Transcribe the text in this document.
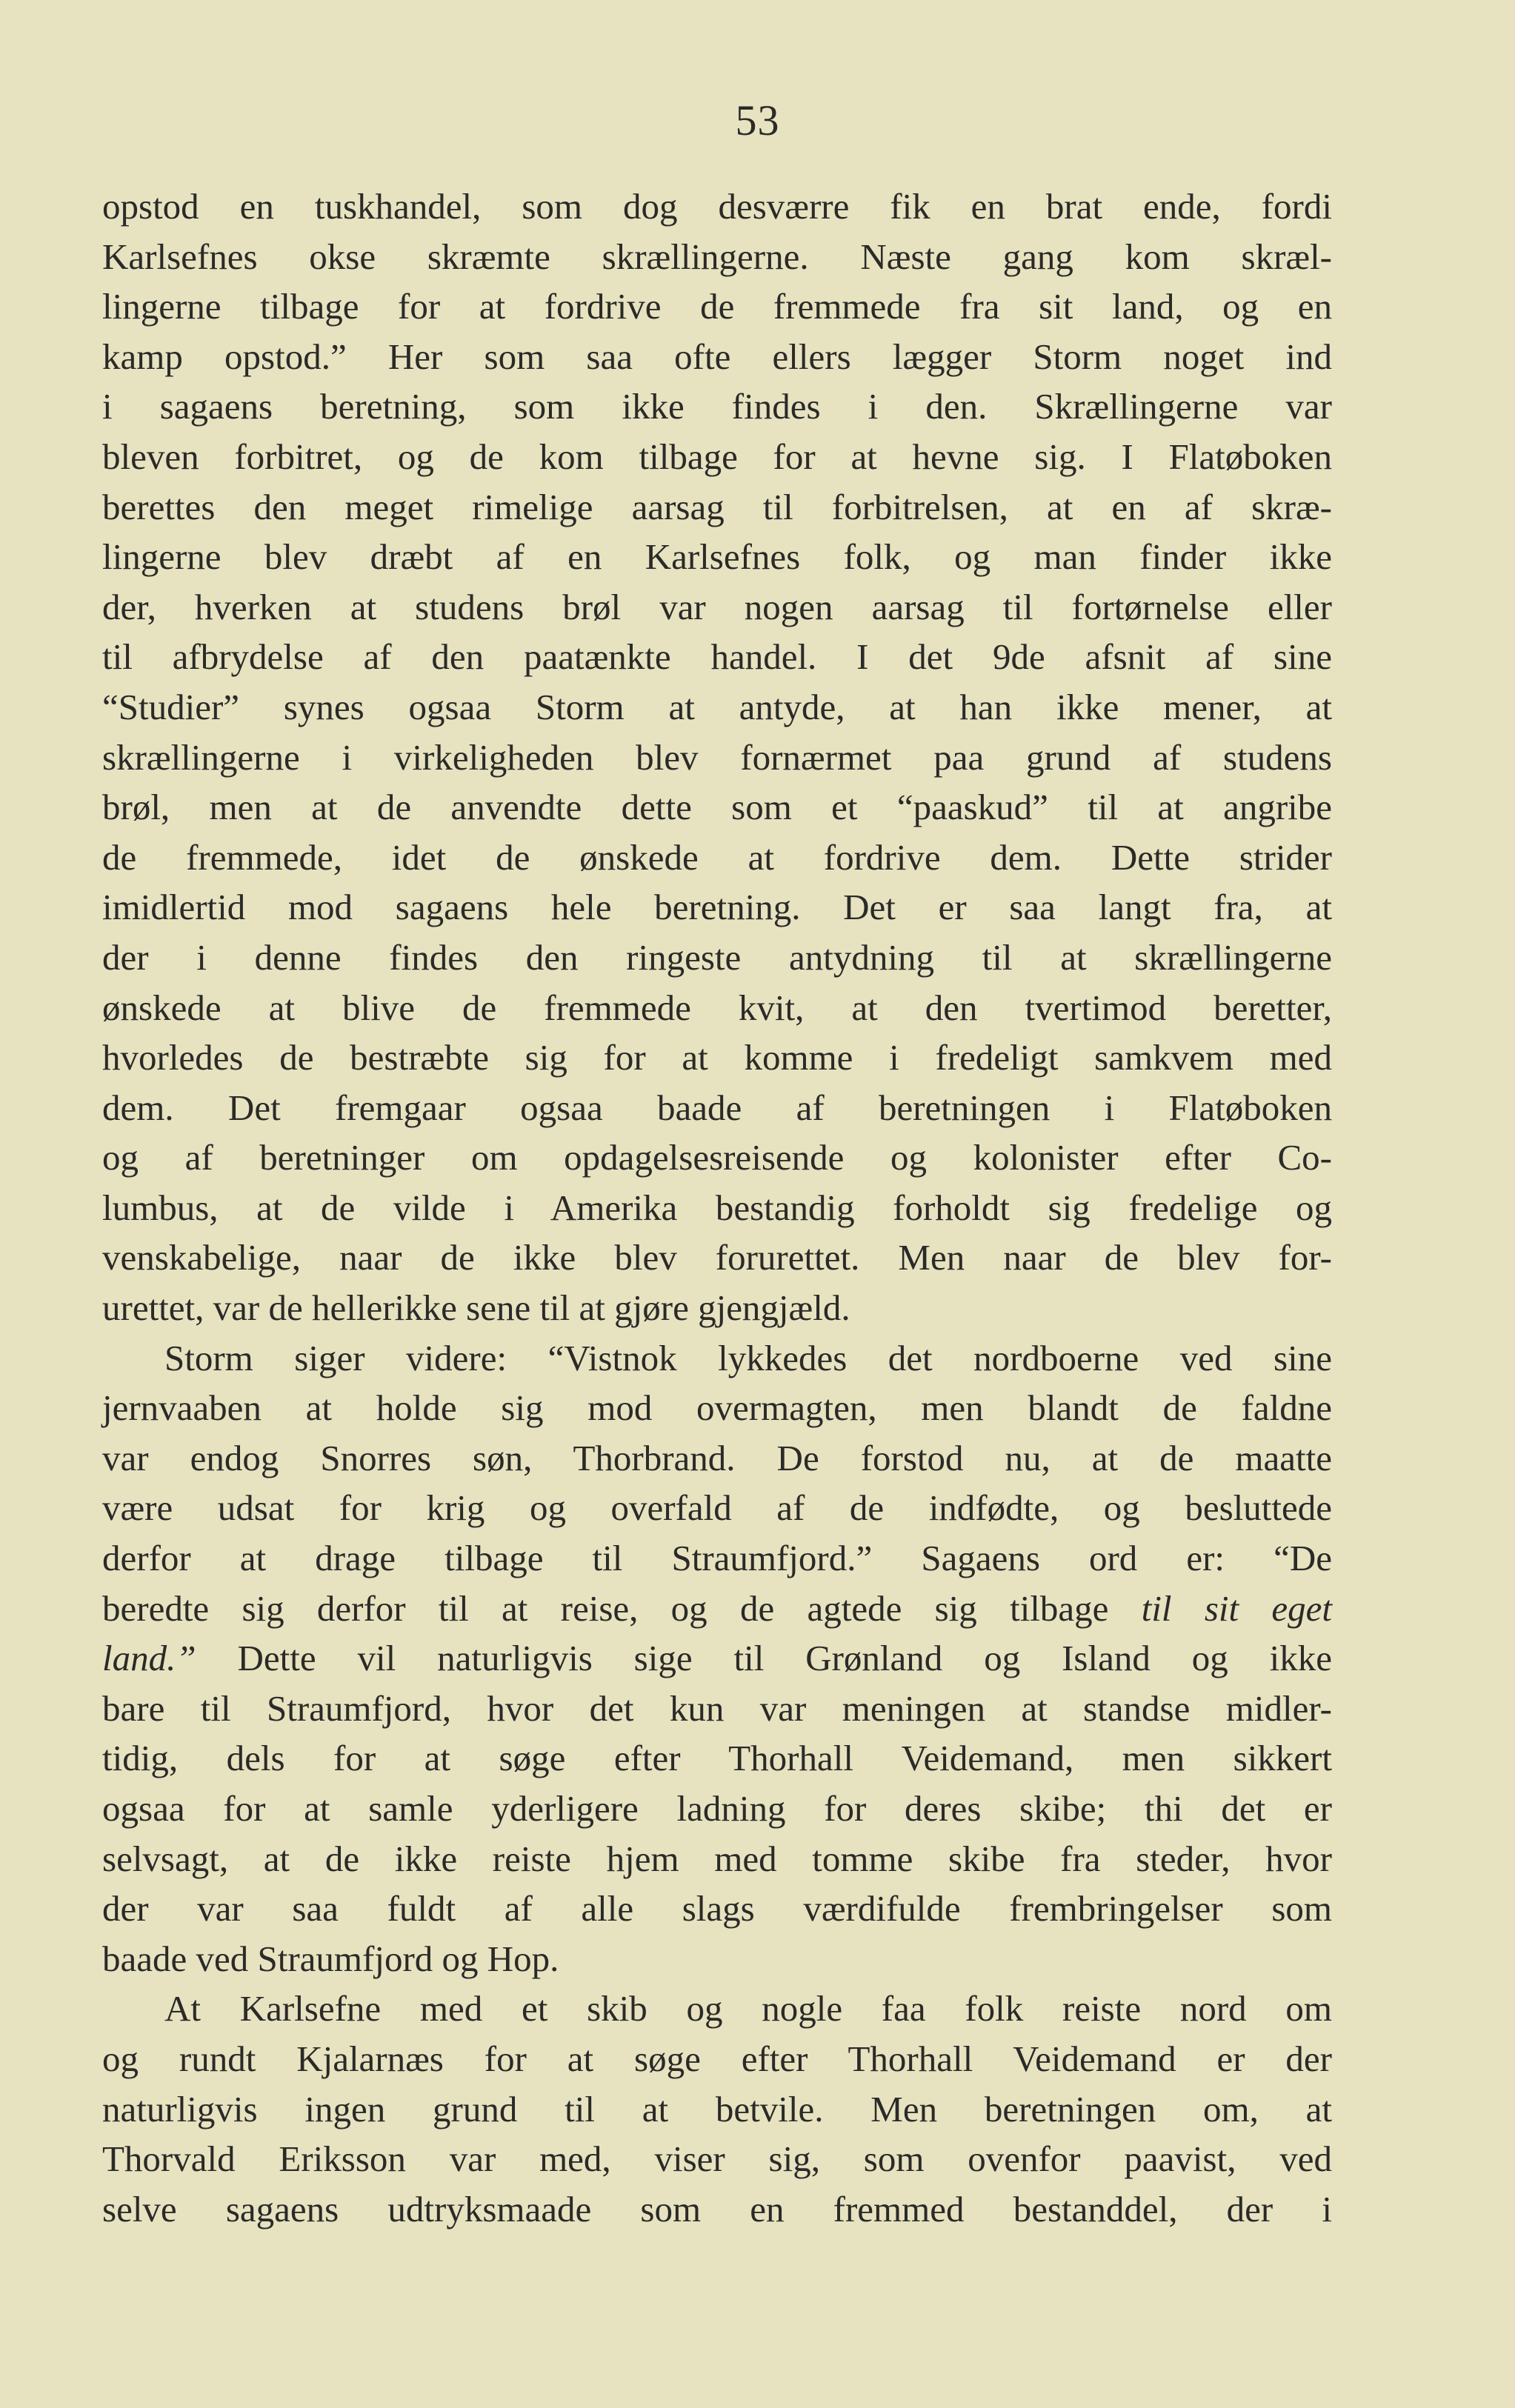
53
opstod en tuskhandel, som dog desværre fik en brat ende, fordi
Karlsefnes okse skræmte skrællingerne. Næste gang kom skræl-
lingerne tilbage for at fordrive de fremmede fra sit land, og en
kamp opstod.” Her som saa ofte ellers lægger Storm noget ind
i sagaens beretning, som ikke findes i den. Skrællingerne var
bleven forbitret, og de kom tilbage for at hevne sig. I Flatøboken
berettes den meget rimelige aarsag til forbitrelsen, at en af skræ-
lingerne blev dræbt af en Karlsefnes folk, og man finder ikke
der, hverken at studens brøl var nogen aarsag til fortørnelse eller
til afbrydelse af den paatænkte handel. I det 9de afsnit af sine
“Studier” synes ogsaa Storm at antyde, at han ikke mener, at
skrællingerne i virkeligheden blev fornærmet paa grund af studens
brøl, men at de anvendte dette som et “paaskud” til at angribe
de fremmede, idet de ønskede at fordrive dem. Dette strider
imidlertid mod sagaens hele beretning. Det er saa langt fra, at
der i denne findes den ringeste antydning til at skrællingerne
ønskede at blive de fremmede kvit, at den tvertimod beretter,
hvorledes de bestræbte sig for at komme i fredeligt samkvem med
dem. Det fremgaar ogsaa baade af beretningen i Flatøboken
og af beretninger om opdagelsesreisende og kolonister efter Co-
lumbus, at de vilde i Amerika bestandig forholdt sig fredelige og
venskabelige, naar de ikke blev forurettet. Men naar de blev for-
urettet, var de hellerikke sene til at gjøre gjengjæld.
Storm siger videre: “Vistnok lykkedes det nordboerne ved sine
jernvaaben at holde sig mod overmagten, men blandt de faldne
var endog Snorres søn, Thorbrand. De forstod nu, at de maatte
være udsat for krig og overfald af de indfødte, og besluttede
derfor at drage tilbage til Straumfjord.” Sagaens ord er: “De
beredte sig derfor til at reise, og de agtede sig tilbage til sit eget
land.” Dette vil naturligvis sige til Grønland og Island og ikke
bare til Straumfjord, hvor det kun var meningen at standse midler-
tidig, dels for at søge efter Thorhall Veidemand, men sikkert
ogsaa for at samle yderligere ladning for deres skibe; thi det er
selvsagt, at de ikke reiste hjem med tomme skibe fra steder, hvor
der var saa fuldt af alle slags værdifulde frembringelser som
baade ved Straumfjord og Hop.
At Karlsefne med et skib og nogle faa folk reiste nord om
og rundt Kjalarnæs for at søge efter Thorhall Veidemand er der
naturligvis ingen grund til at betvile. Men beretningen om, at
Thorvald Eriksson var med, viser sig, som ovenfor paavist, ved
selve sagaens udtryksmaade som en fremmed bestanddel, der i
